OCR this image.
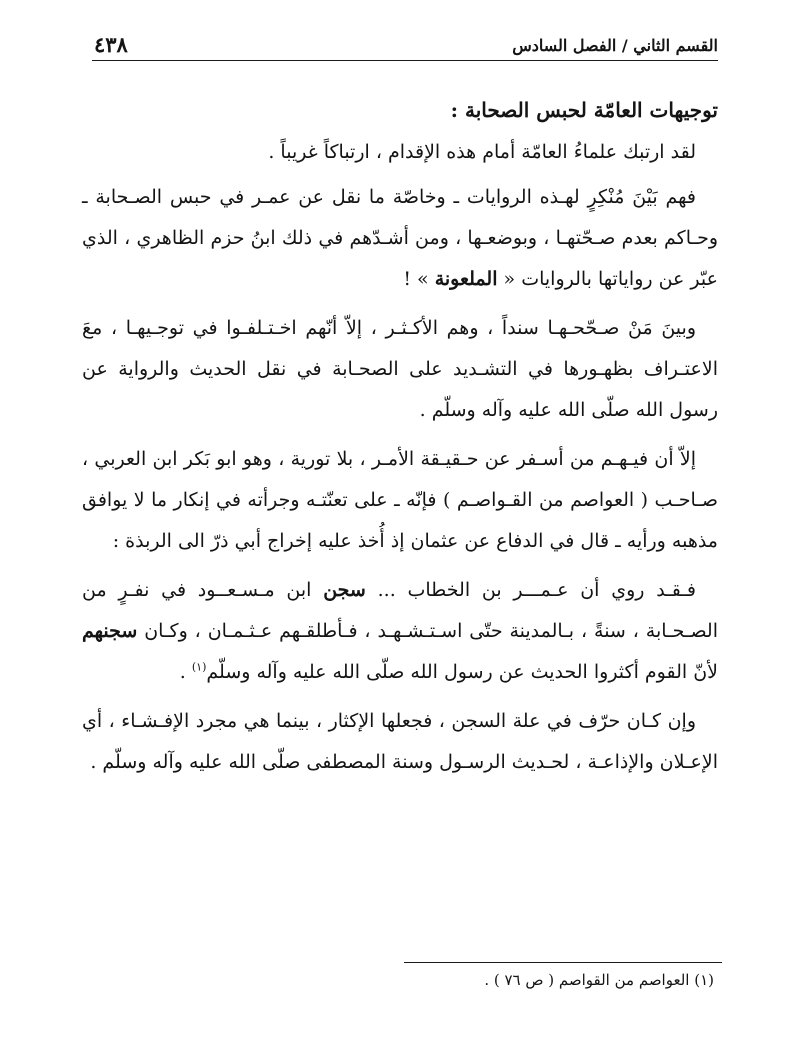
القسم الثاني / الفصل السادس
٤٣٨

توجيهات العامّة لحبس الصحابة :

لقد ارتبك علماءُ العامّة أمام هذه الإقدام ، ارتباكاً غريباً .

فهم بَيْنَ مُنْكِرٍ لهـذه الروايات ـ وخاصّة ما نقل عن عمـر في حبس الصـحابة ـ وحـاكم بعدم صـحّتهـا ، وبوضعـها ، ومن أشـدّهم في ذلك ابنُ حزم الظاهري ، الذي عبّر عن رواياتها بالروايات « الملعونة » !

وبينَ مَنْ صـحّحـهـا سنداً ، وهم الأكـثـر ، إلاّ أنّهم اخـتـلفـوا في توجـيهـا ، معَ الاعتـراف بظهـورها في التشـديد على الصحـابة في نقل الحديث والرواية عن رسول الله صلّى الله عليه وآله وسلّم .

إلاّ أن فيـهـم من أسـفر عن حـقيـقة الأمـر ، بلا تورية ، وهو ابو بَكر ابن العربي ، صـاحـب ( العواصم من القـواصـم ) فإنّه ـ على تعنّتـه وجرأته في إنكار ما لا يوافق مذهبه ورأيه ـ قال في الدفاع عن عثمان إذ أُخذ عليه إخراج أبي ذرّ الى الربذة :

فـقـد روي أن عـمـــر بن الخطاب ... سجن ابن مـسـعــود في نفـرٍ من الصـحـابة ، سنةً ، بـالمدينة حتّى اسـتـشـهـد ، فـأطلقـهم عـثـمـان ، وكـان سجنهم لأنّ القوم أكثروا الحديث عن رسول الله صلّى الله عليه وآله وسلّم$^{(١)}$ .

وإن كـان حرّف في علة السجن ، فجعلها الإكثار ، بينما هي مجرد الإفـشـاء ، أي الإعـلان والإذاعـة ، لحـديث الرسـول وسنة المصطفى صلّى الله عليه وآله وسلّم .

(١) العواصم من القواصم ( ص ٧٦ ) .
